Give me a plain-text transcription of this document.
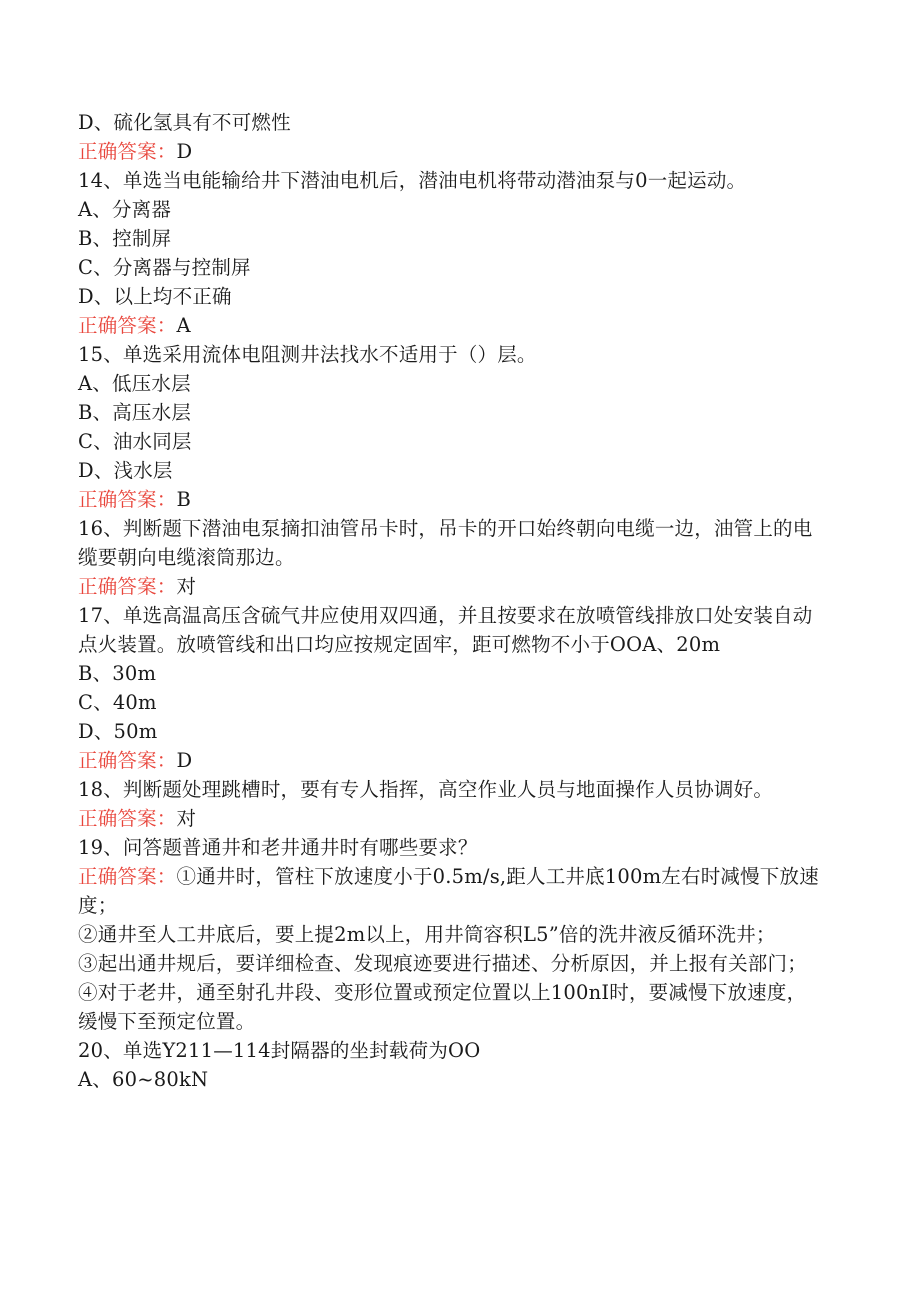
D、硫化氢具有不可燃性
正确答案：D
14、单选当电能输给井下潜油电机后，潜油电机将带动潜油泵与0一起运动。
A、分离器
B、控制屏
C、分离器与控制屏
D、以上均不正确
正确答案：A
15、单选采用流体电阻测井法找水不适用于（）层。
A、低压水层
B、高压水层
C、油水同层
D、浅水层
正确答案：B
16、判断题下潜油电泵摘扣油管吊卡时，吊卡的开口始终朝向电缆一边，油管上的电缆要朝向电缆滚筒那边。
正确答案：对
17、单选高温高压含硫气井应使用双四通，并且按要求在放喷管线排放口处安装自动点火装置。放喷管线和出口均应按规定固牢，距可燃物不小于OOA、20m
B、30m
C、40m
D、50m
正确答案：D
18、判断题处理跳槽时，要有专人指挥，高空作业人员与地面操作人员协调好。
正确答案：对
19、问答题普通井和老井通井时有哪些要求？
正确答案：①通井时，管柱下放速度小于0.5m/s,距人工井底100m左右时减慢下放速度；
②通井至人工井底后，要上提2m以上，用井筒容积L5”倍的洗井液反循环洗井；
③起出通井规后，要详细检查、发现痕迹要进行描述、分析原因，并上报有关部门；
④对于老井，通至射孔井段、变形位置或预定位置以上100nI时，要减慢下放速度，缓慢下至预定位置。
20、单选Y211—114封隔器的坐封载荷为OO
A、60~80kN
